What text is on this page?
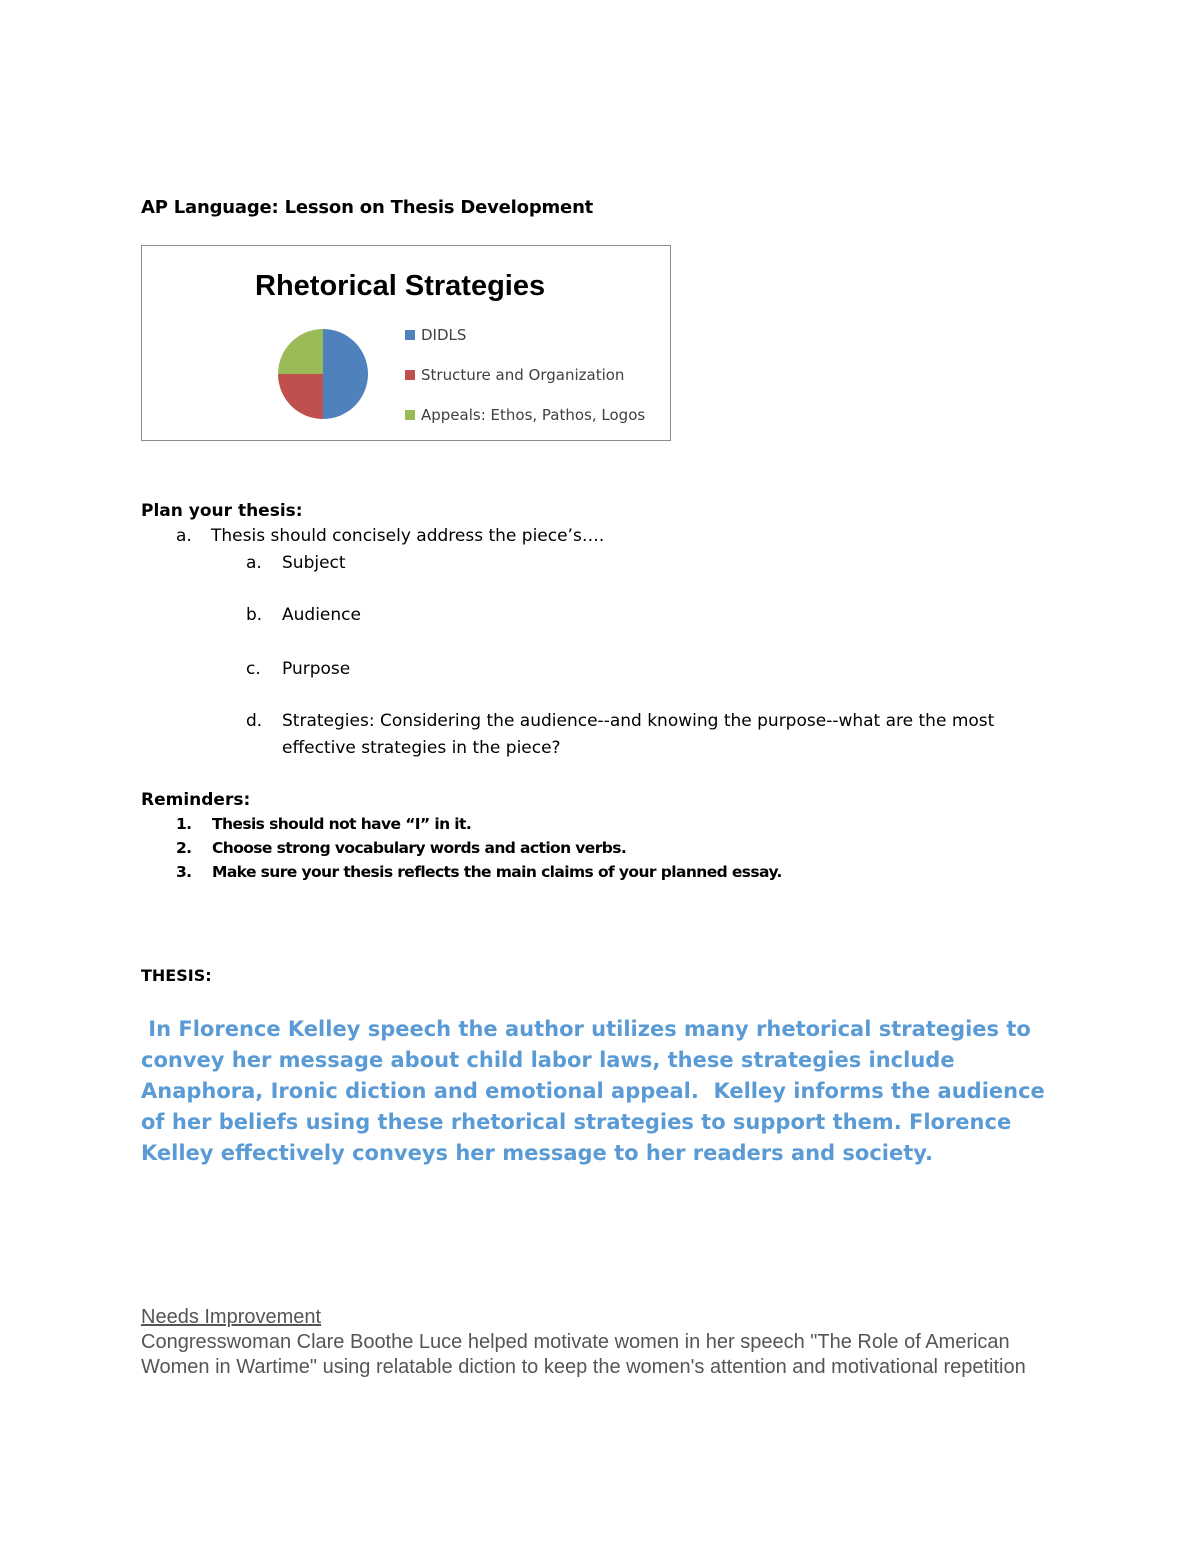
AP Language: Lesson on Thesis Development
Rhetorical Strategies
DIDLS
Structure and Organization
Appeals: Ethos, Pathos, Logos
Plan your thesis:
a. Thesis should concisely address the piece’s….
a. Subject
b. Audience
c. Purpose
d. Strategies: Considering the audience--and knowing the purpose--what are the most
effective strategies in the piece?
Reminders:
1. Thesis should not have “I” in it.
2. Choose strong vocabulary words and action verbs.
3. Make sure your thesis reflects the main claims of your planned essay.
THESIS:
In Florence Kelley speech the author utilizes many rhetorical strategies to convey her message about child labor laws, these strategies include Anaphora, Ironic diction and emotional appeal.  Kelley informs the audience of her beliefs using these rhetorical strategies to support them. Florence Kelley effectively conveys her message to her readers and society.
Needs Improvement
Congresswoman Clare Boothe Luce helped motivate women in her speech "The Role of American Women in Wartime" using relatable diction to keep the women's attention and motivational repetition
